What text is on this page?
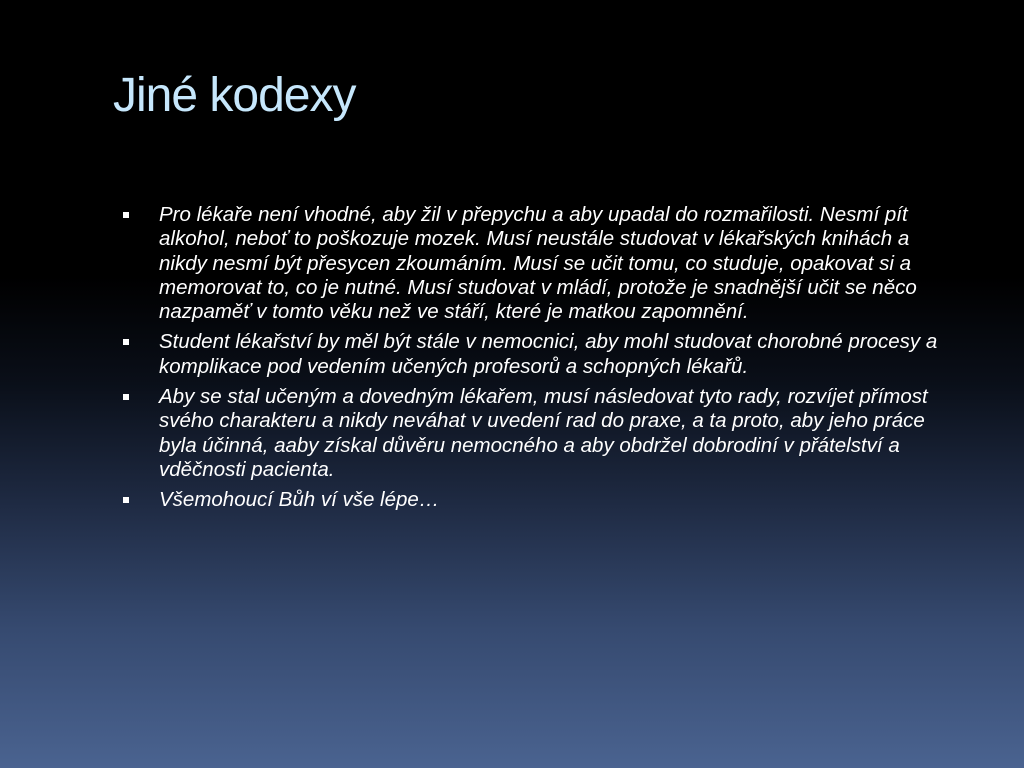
Jiné kodexy
Pro lékaře není vhodné, aby žil v přepychu a aby upadal do rozmařilosti. Nesmí pít alkohol, neboť to poškozuje mozek. Musí neustále studovat v lékařských knihách a nikdy nesmí být přesycen zkoumáním. Musí se učit tomu, co studuje, opakovat si a memorovat to, co je nutné. Musí studovat v mládí, protože je snadnější učit se něco nazpaměť v tomto věku než ve stáří, které je matkou zapomnění.
Student lékařství by měl být stále v nemocnici, aby mohl studovat chorobné procesy a komplikace pod vedením učených profesorů a schopných lékařů.
Aby se stal učeným a dovedným lékařem, musí následovat tyto rady, rozvíjet přímost svého charakteru a nikdy neváhat v uvedení rad do praxe, a ta proto, aby jeho práce byla účinná, aaby získal důvěru nemocného a aby obdržel dobrodiní v přátelství a vděčnosti pacienta.
Všemohoucí Bůh ví vše lépe…
